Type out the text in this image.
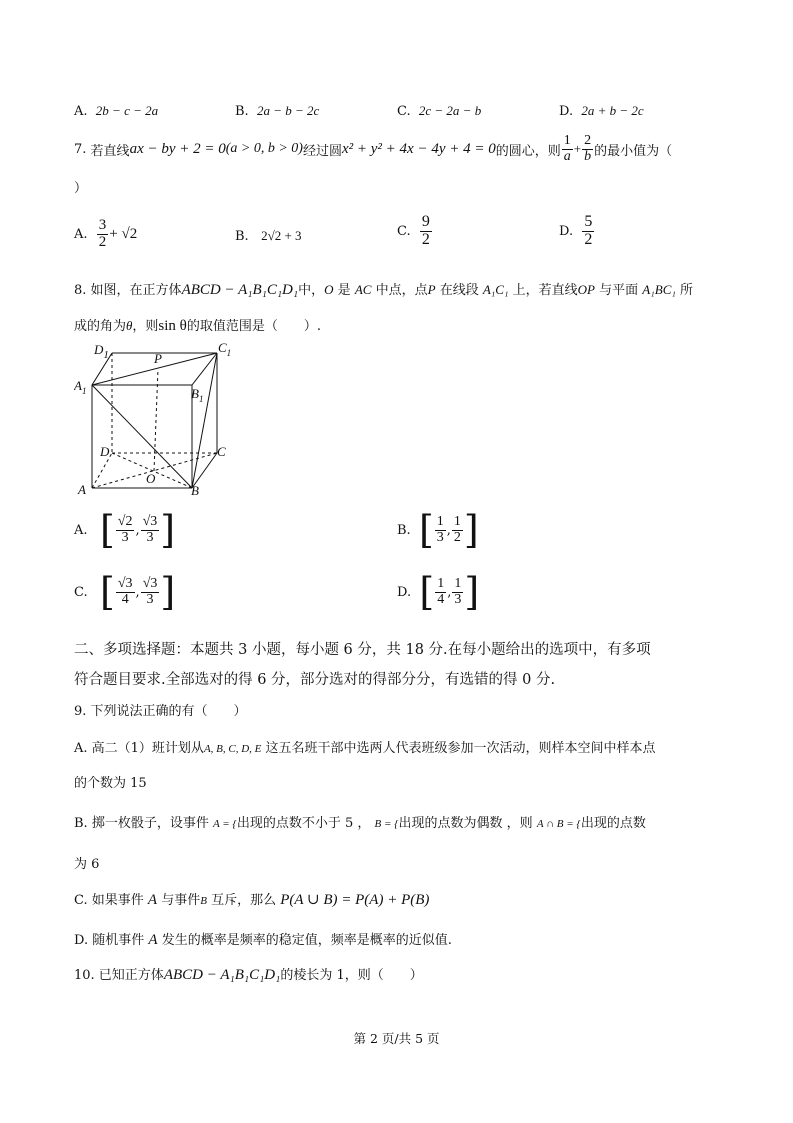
A. 2b − c − 2a	B. 2a − b − 2c	C. 2c − 2a − b	D. 2a + b − 2c
7.
若直线 ax − by + 2 = 0 (a > 0, b > 0) 经过圆 x² + y² + 4x − 4y + 4 = 0 的圆心，则 $\frac{1}{a} + \frac{2}{b}$ 的最小值为（
）
A.
$\frac{3}{2} + √2$	B. 2√2 + 3	C.
$\frac{9}{2}$	D.
$\frac{5}{2}$
8. 如图，在正方体ABCD − A₁B₁C₁D₁中，O 是 AC 中点，点P 在线段 A₁C₁ 上，若直线OP 与平面 A₁BC₁ 所
成的角为θ，则sin θ的取值范围是（　　）.
$D_1$	P
$C_1$
$A_1$	$B_1$
D	C
O
A	B
A.
[ $\frac{√2}{3}$ , $\frac{√3}{3}$ ]	B.
[ $\frac{1}{3}$ , $\frac{1}{2}$ ]
C.
[ $\frac{√3}{4}$ , $\frac{√3}{3}$ ]	D.
[ $\frac{1}{4}$ , $\frac{1}{3}$ ]
二、多项选择题：本题共 3 小题，每小题 6 分，共 18 分.在每小题给出的选项中，有多项
符合题目要求.全部选对的得 6 分，部分选对的得部分分，有选错的得 0 分.
9. 下列说法正确的有（　　）
A. 高二（1）班计划从A, B, C, D, E 这五名班干部中选两人代表班级参加一次活动，则样本空间中样本点
的个数为 15
B. 掷一枚骰子，设事件 A = {出现的点数不小于 5 ， B = {出现的点数为偶数 ，则 A ∩ B = {出现的点数
为 6
C. 如果事件 A 与事件B 互斥，那么 P(A ∪ B) = P(A) + P(B)
D. 随机事件 A 发生的概率是频率的稳定值，频率是概率的近似值.
10. 已知正方体ABCD − A₁B₁C₁D₁的棱长为 1，则（　　）
第 2 页/共 5 页
